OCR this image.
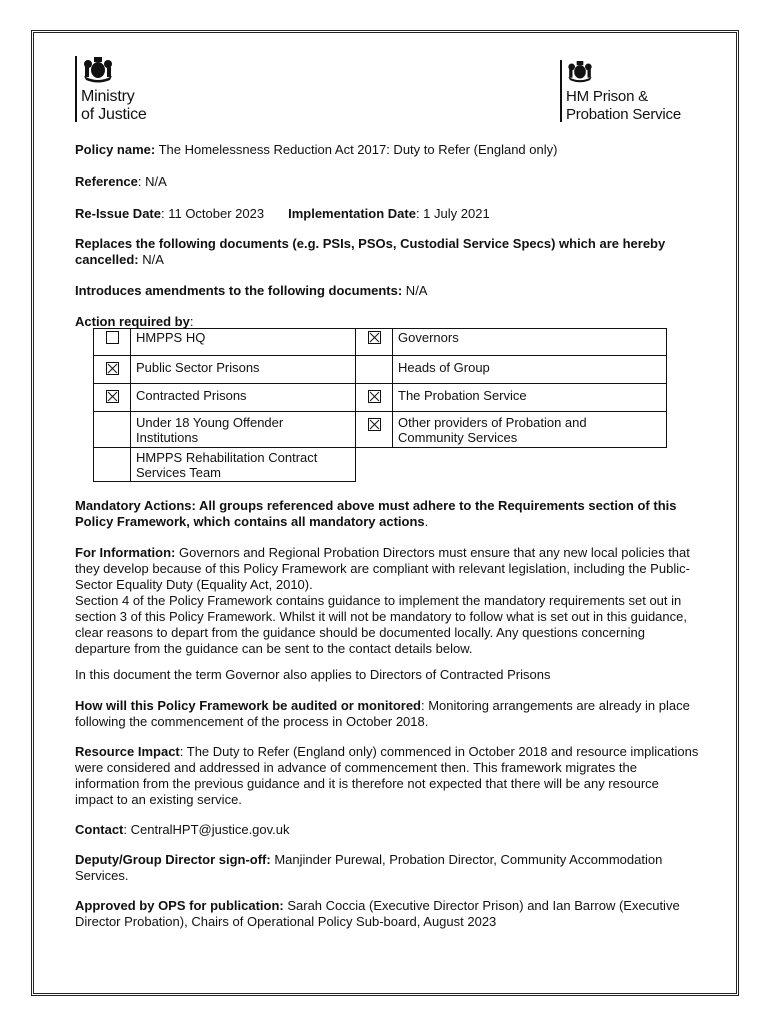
Ministry
of Justice
HM Prison &
Probation Service
Policy name: The Homelessness Reduction Act 2017: Duty to Refer (England only)
Reference: N/A
Re-Issue Date: 11 October 2023 Implementation Date: 1 July 2021
Replaces the following documents (e.g. PSIs, PSOs, Custodial Service Specs) which are hereby cancelled: N/A
Introduces amendments to the following documents: N/A
Action required by:

	HMPPS HQ		Governors

Public Sector Prisons		Heads of Group

Contracted Prisons		The Probation Service

	Under 18 Young Offender Institutions		Other providers of Probation and Community Services

	HMPPS Rehabilitation Contract Services Team		

Mandatory Actions: All groups referenced above must adhere to the Requirements section of this Policy Framework, which contains all mandatory actions.
For Information: Governors and Regional Probation Directors must ensure that any new local policies that they develop because of this Policy Framework are compliant with relevant legislation, including the Public-Sector Equality Duty (Equality Act, 2010).
Section 4 of the Policy Framework contains guidance to implement the mandatory requirements set out in section 3 of this Policy Framework. Whilst it will not be mandatory to follow what is set out in this guidance, clear reasons to depart from the guidance should be documented locally. Any questions concerning departure from the guidance can be sent to the contact details below.
In this document the term Governor also applies to Directors of Contracted Prisons
How will this Policy Framework be audited or monitored: Monitoring arrangements are already in place following the commencement of the process in October 2018.
Resource Impact: The Duty to Refer (England only) commenced in October 2018 and resource implications were considered and addressed in advance of commencement then. This framework migrates the information from the previous guidance and it is therefore not expected that there will be any resource impact to an existing service.
Contact: CentralHPT@justice.gov.uk
Deputy/Group Director sign-off: Manjinder Purewal, Probation Director, Community Accommodation Services.
Approved by OPS for publication: Sarah Coccia (Executive Director Prison) and Ian Barrow (Executive Director Probation), Chairs of Operational Policy Sub-board, August 2023
